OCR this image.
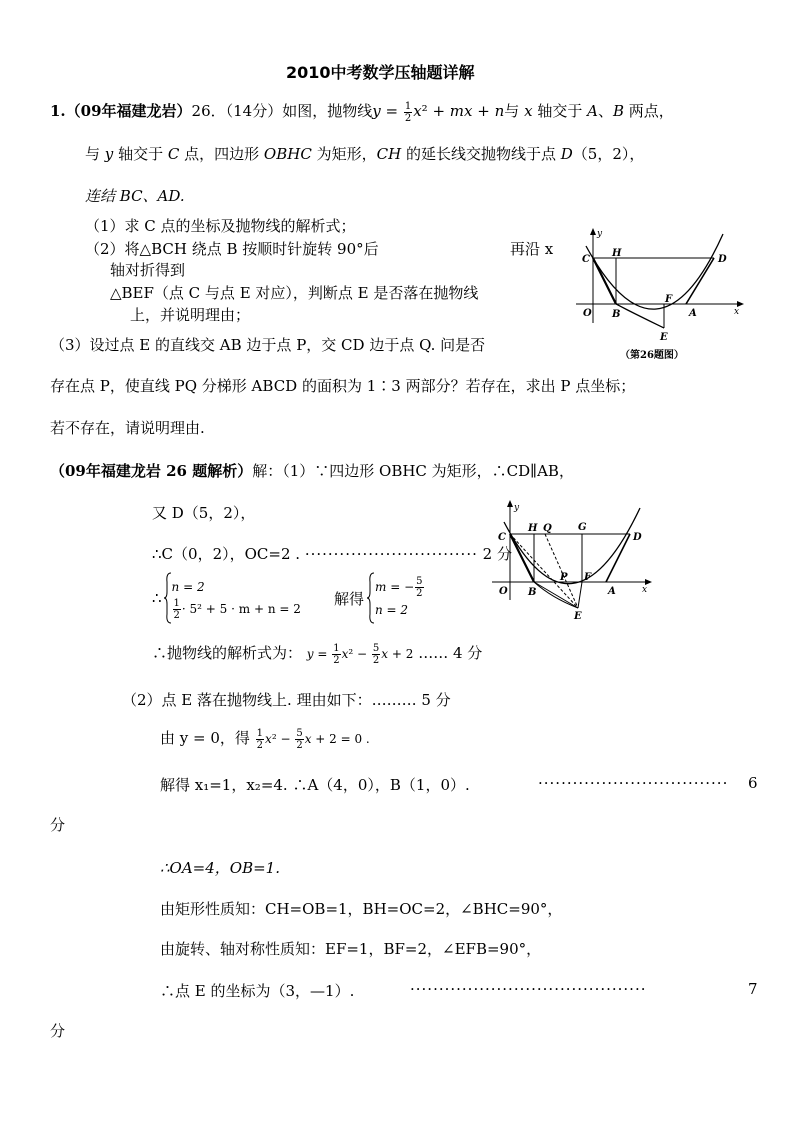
2010中考数学压轴题详解
1.（09年福建龙岩）26．（14分）如图，抛物线$y = \frac{1}{2} x^2$ + mx + n与 x 轴交于 A、B 两点，
与 y 轴交于 C 点，四边形 OBHC 为矩形，CH 的延长线交抛物线于点 D（5，2），
连结 BC、AD.
（1）求 C 点的坐标及抛物线的解析式；
（2）将△BCH 绕点 B 按顺时针旋转 90°后	再沿 x
轴对折得到
△BEF（点 C 与点 E 对应），判断点 E 是否落在抛物线
上，并说明理由；
（3）设过点 E 的直线交 AB 边于点 P，交 CD 边于点 Q. 问是否
存在点 P，使直线 PQ 分梯形 ABCD 的面积为 1∶3 两部分？若存在，求出 P 点坐标；
若不存在，请说明理由.
y
x
C
H
D
O B
F
A
E
（第26题图）
（09年福建龙岩 26 题解析）解：（1）∵四边形 OBHC 为矩形，∴CD∥AB，
又 D（5，2），
∴C（0，2），OC=2 . ······························ 2 分
∴
n = 2
$\frac{1}{2} \cdot 5^2 + 5 \cdot m + n = 2$
解得
m = − $\frac{5}{2}$
n = 2
∴抛物线的解析式为： $y = \frac{1}{2} x^2 - \frac{5}{2}$ x + 2 …… 4 分
（2）点 E 落在抛物线上. 理由如下：……… 5 分
由 y = 0，得 $\frac{1}{2} x^2 - \frac{5}{2}$ x + 2 = 0 .
解得 x₁=1，x₂=4. ∴A（4，0），B（1，0）.	································· 6
分
∴OA=4，OB=1.
由矩形性质知：CH=OB=1，BH=OC=2，∠BHC=90°，
由旋转、轴对称性质知：EF=1，BF=2，∠EFB=90°，
∴点 E 的坐标为（3，—1）.	·········································	7
分
y
x
C
H Q	G
D
O B
P F
A
E
